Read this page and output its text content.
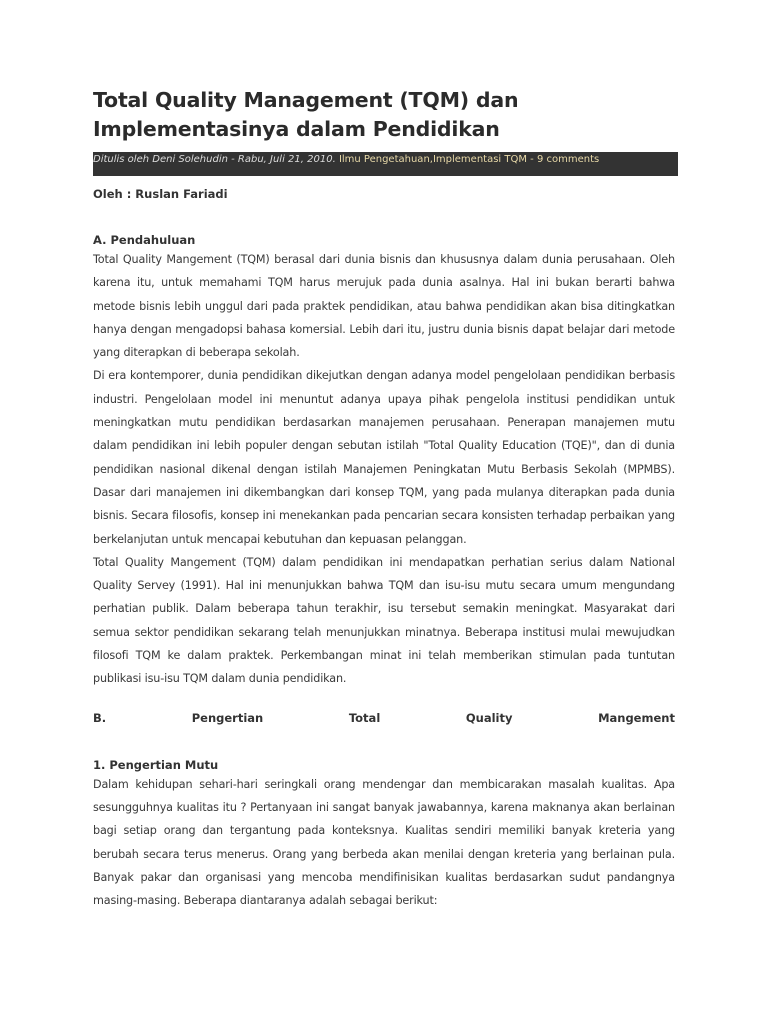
Total Quality Management (TQM) dan Implementasinya dalam Pendidikan
Ditulis oleh Deni Solehudin - Rabu, Juli 21, 2010. Ilmu Pengetahuan,Implementasi TQM - 9 comments
Oleh : Ruslan Fariadi
A. Pendahuluan

Total Quality Mangement (TQM) berasal dari dunia bisnis dan khususnya dalam dunia perusahaan. Oleh karena itu, untuk memahami TQM harus merujuk pada dunia asalnya. Hal ini bukan berarti bahwa metode bisnis lebih unggul dari pada praktek pendidikan, atau bahwa pendidikan akan bisa ditingkatkan hanya dengan mengadopsi bahasa komersial. Lebih dari itu, justru dunia bisnis dapat belajar dari metode yang diterapkan di beberapa sekolah.

Di era kontemporer, dunia pendidikan dikejutkan dengan adanya model pengelolaan pendidikan berbasis industri. Pengelolaan model ini menuntut adanya upaya pihak pengelola institusi pendidikan untuk meningkatkan mutu pendidikan berdasarkan manajemen perusahaan. Penerapan manajemen mutu dalam pendidikan ini lebih populer dengan sebutan istilah "Total Quality Education (TQE)", dan di dunia pendidikan nasional dikenal dengan istilah Manajemen Peningkatan Mutu Berbasis Sekolah (MPMBS). Dasar dari manajemen ini dikembangkan dari konsep TQM, yang pada mulanya diterapkan pada dunia bisnis. Secara filosofis, konsep ini menekankan pada pencarian secara konsisten terhadap perbaikan yang berkelanjutan untuk mencapai kebutuhan dan kepuasan pelanggan.

Total Quality Mangement (TQM) dalam pendidikan ini mendapatkan perhatian serius dalam National Quality Servey (1991). Hal ini menunjukkan bahwa TQM dan isu-isu mutu secara umum mengundang perhatian publik. Dalam beberapa tahun terakhir, isu tersebut semakin meningkat. Masyarakat dari semua sektor pendidikan sekarang telah menunjukkan minatnya. Beberapa institusi mulai mewujudkan filosofi TQM ke dalam praktek. Perkembangan minat ini telah memberikan stimulan pada tuntutan publikasi isu-isu TQM dalam dunia pendidikan.

B.	Pengertian	Total	Quality	Mangement
1. Pengertian Mutu

Dalam kehidupan sehari-hari seringkali orang mendengar dan membicarakan masalah kualitas. Apa sesungguhnya kualitas itu ? Pertanyaan ini sangat banyak jawabannya, karena maknanya akan berlainan bagi setiap orang dan tergantung pada konteksnya. Kualitas sendiri memiliki banyak kreteria yang berubah secara terus menerus. Orang yang berbeda akan menilai dengan kreteria yang berlainan pula. Banyak pakar dan organisasi yang mencoba mendifinisikan kualitas berdasarkan sudut pandangnya masing-masing. Beberapa diantaranya adalah sebagai berikut:
